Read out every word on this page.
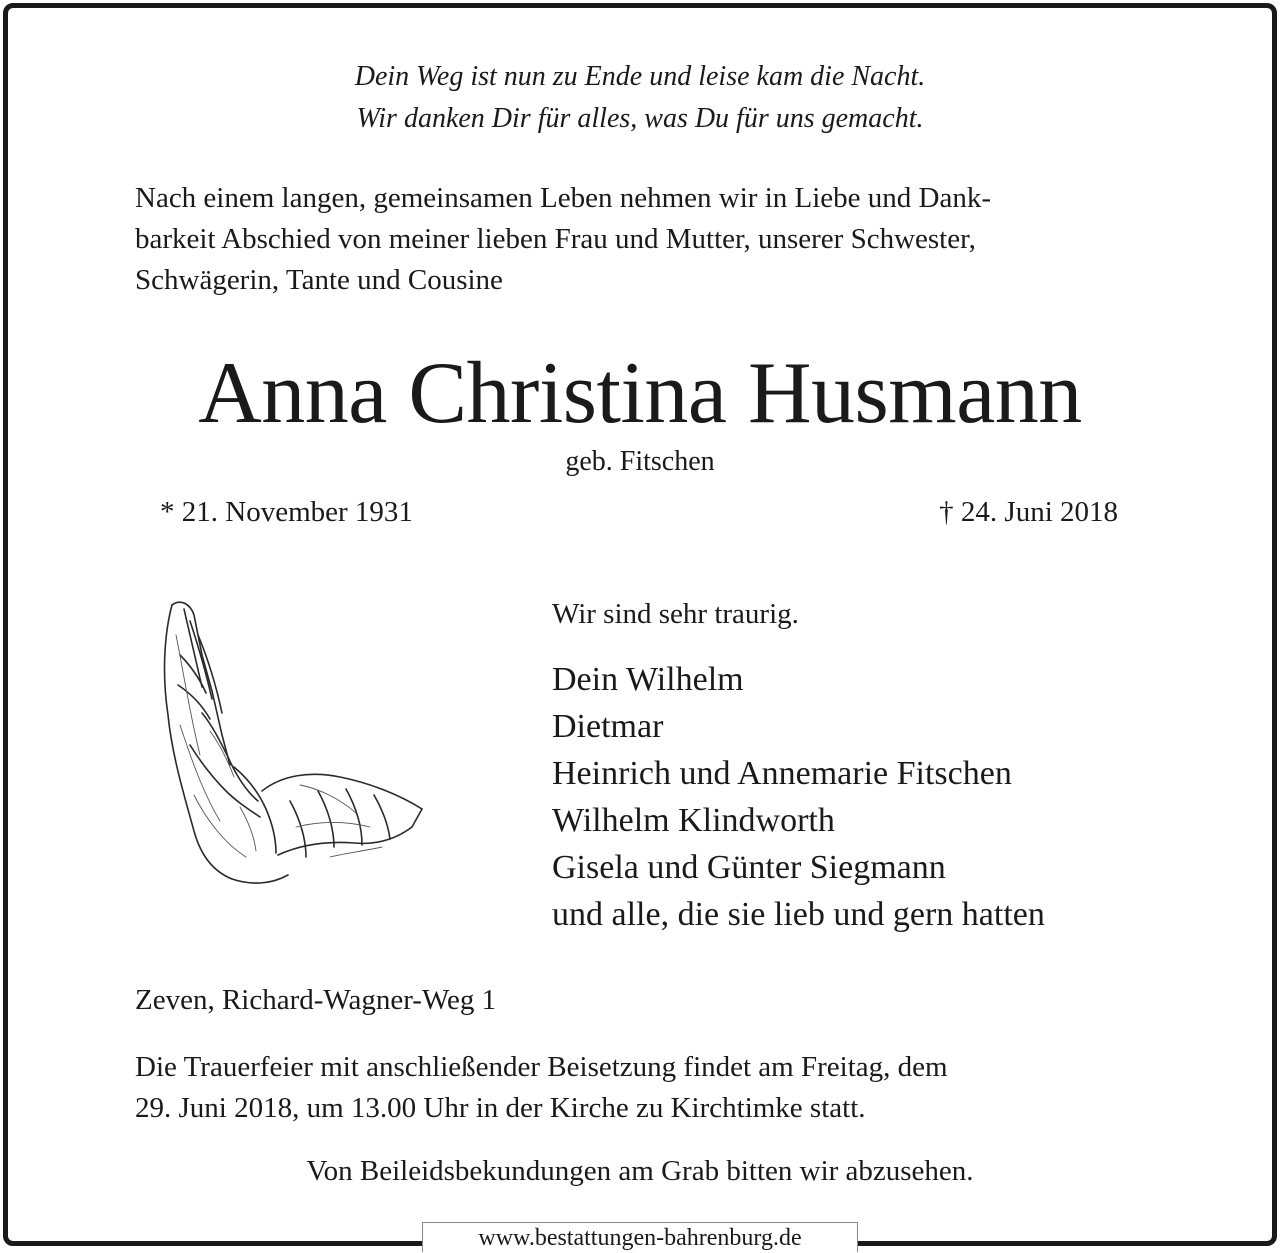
Dein Weg ist nun zu Ende und leise kam die Nacht.
Wir danken Dir für alles, was Du für uns gemacht.
Nach einem langen, gemeinsamen Leben nehmen wir in Liebe und Dank-
barkeit Abschied von meiner lieben Frau und Mutter, unserer Schwester,
Schwägerin, Tante und Cousine
Anna Christina Husmann
geb. Fitschen
* 21. November 1931	† 24. Juni 2018
Wir sind sehr traurig.
Dein Wilhelm
Dietmar
Heinrich und Annemarie Fitschen
Wilhelm Klindworth
Gisela und Günter Siegmann
und alle, die sie lieb und gern hatten
Zeven, Richard-Wagner-Weg 1
Die Trauerfeier mit anschließender Beisetzung findet am Freitag, dem
29. Juni 2018, um 13.00 Uhr in der Kirche zu Kirchtimke statt.
Von Beileidsbekundungen am Grab bitten wir abzusehen.
www.bestattungen-bahrenburg.de
